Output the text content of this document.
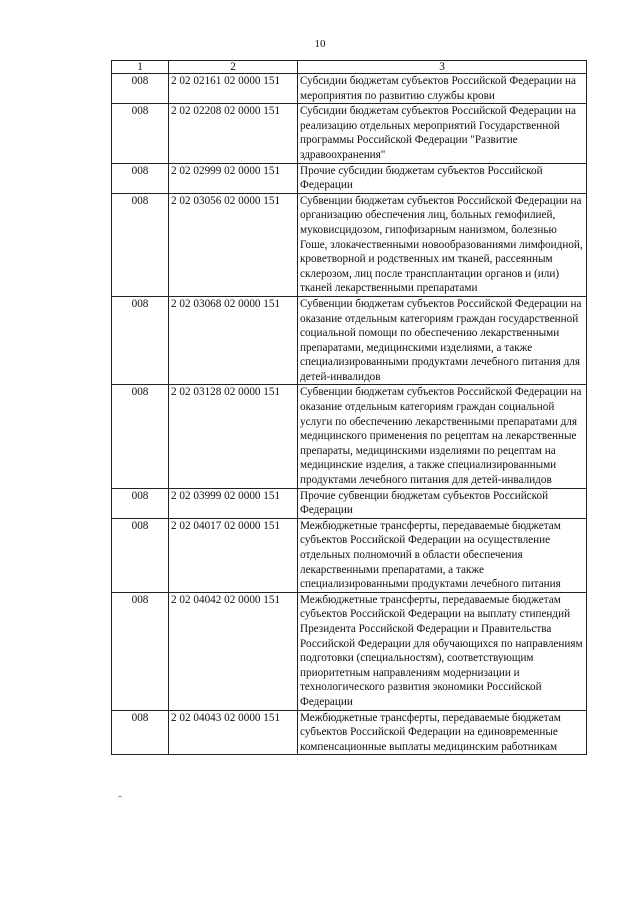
10
1	2	3
008	2 02 02161 02 0000 151	Субсидии бюджетам субъектов Российской Федерации на мероприятия по развитию службы крови
008	2 02 02208 02 0000 151	Субсидии бюджетам субъектов Российской Федерации на реализацию отдельных мероприятий Государственной программы Российской Федерации "Развитие здравоохранения"
008	2 02 02999 02 0000 151	Прочие субсидии бюджетам субъектов Российской Федерации
008	2 02 03056 02 0000 151	Субвенции бюджетам субъектов Российской Федерации на организацию обеспечения лиц, больных гемофилией, муковисцидозом, гипофизарным нанизмом, болезнью Гоше, злокачественными новообразованиями лимфоидной, кроветворной и родственных им тканей, рассеянным склерозом, лиц после трансплантации органов и (или) тканей лекарственными препаратами
008	2 02 03068 02 0000 151	Субвенции бюджетам субъектов Российской Федерации на оказание отдельным категориям граждан государственной социальной помощи по обеспечению лекарственными препаратами, медицинскими изделиями, а также специализированными продуктами лечебного питания для детей-инвалидов
008	2 02 03128 02 0000 151	Субвенции бюджетам субъектов Российской Федерации на оказание отдельным категориям граждан социальной услуги по обеспечению лекарственными препаратами для медицинского применения по рецептам на лекарственные препараты, медицинскими изделиями по рецептам на медицинские изделия, а также специализированными продуктами лечебного питания для детей-инвалидов
008	2 02 03999 02 0000 151	Прочие субвенции бюджетам субъектов Российской Федерации
008	2 02 04017 02 0000 151	Межбюджетные трансферты, передаваемые бюджетам субъектов Российской Федерации на осуществление отдельных полномочий в области обеспечения лекарственными препаратами, а также специализированными продуктами лечебного питания
008	2 02 04042 02 0000 151	Межбюджетные трансферты, передаваемые бюджетам субъектов Российской Федерации на выплату стипендий Президента Российской Федерации и Правительства Российской Федерации для обучающихся по направлениям подготовки (специальностям), соответствующим приоритетным направлениям модернизации и технологического развития экономики Российской Федерации
008	2 02 04043 02 0000 151	Межбюджетные трансферты, передаваемые бюджетам субъектов Российской Федерации на единовременные компенсационные выплаты медицинским работникам
